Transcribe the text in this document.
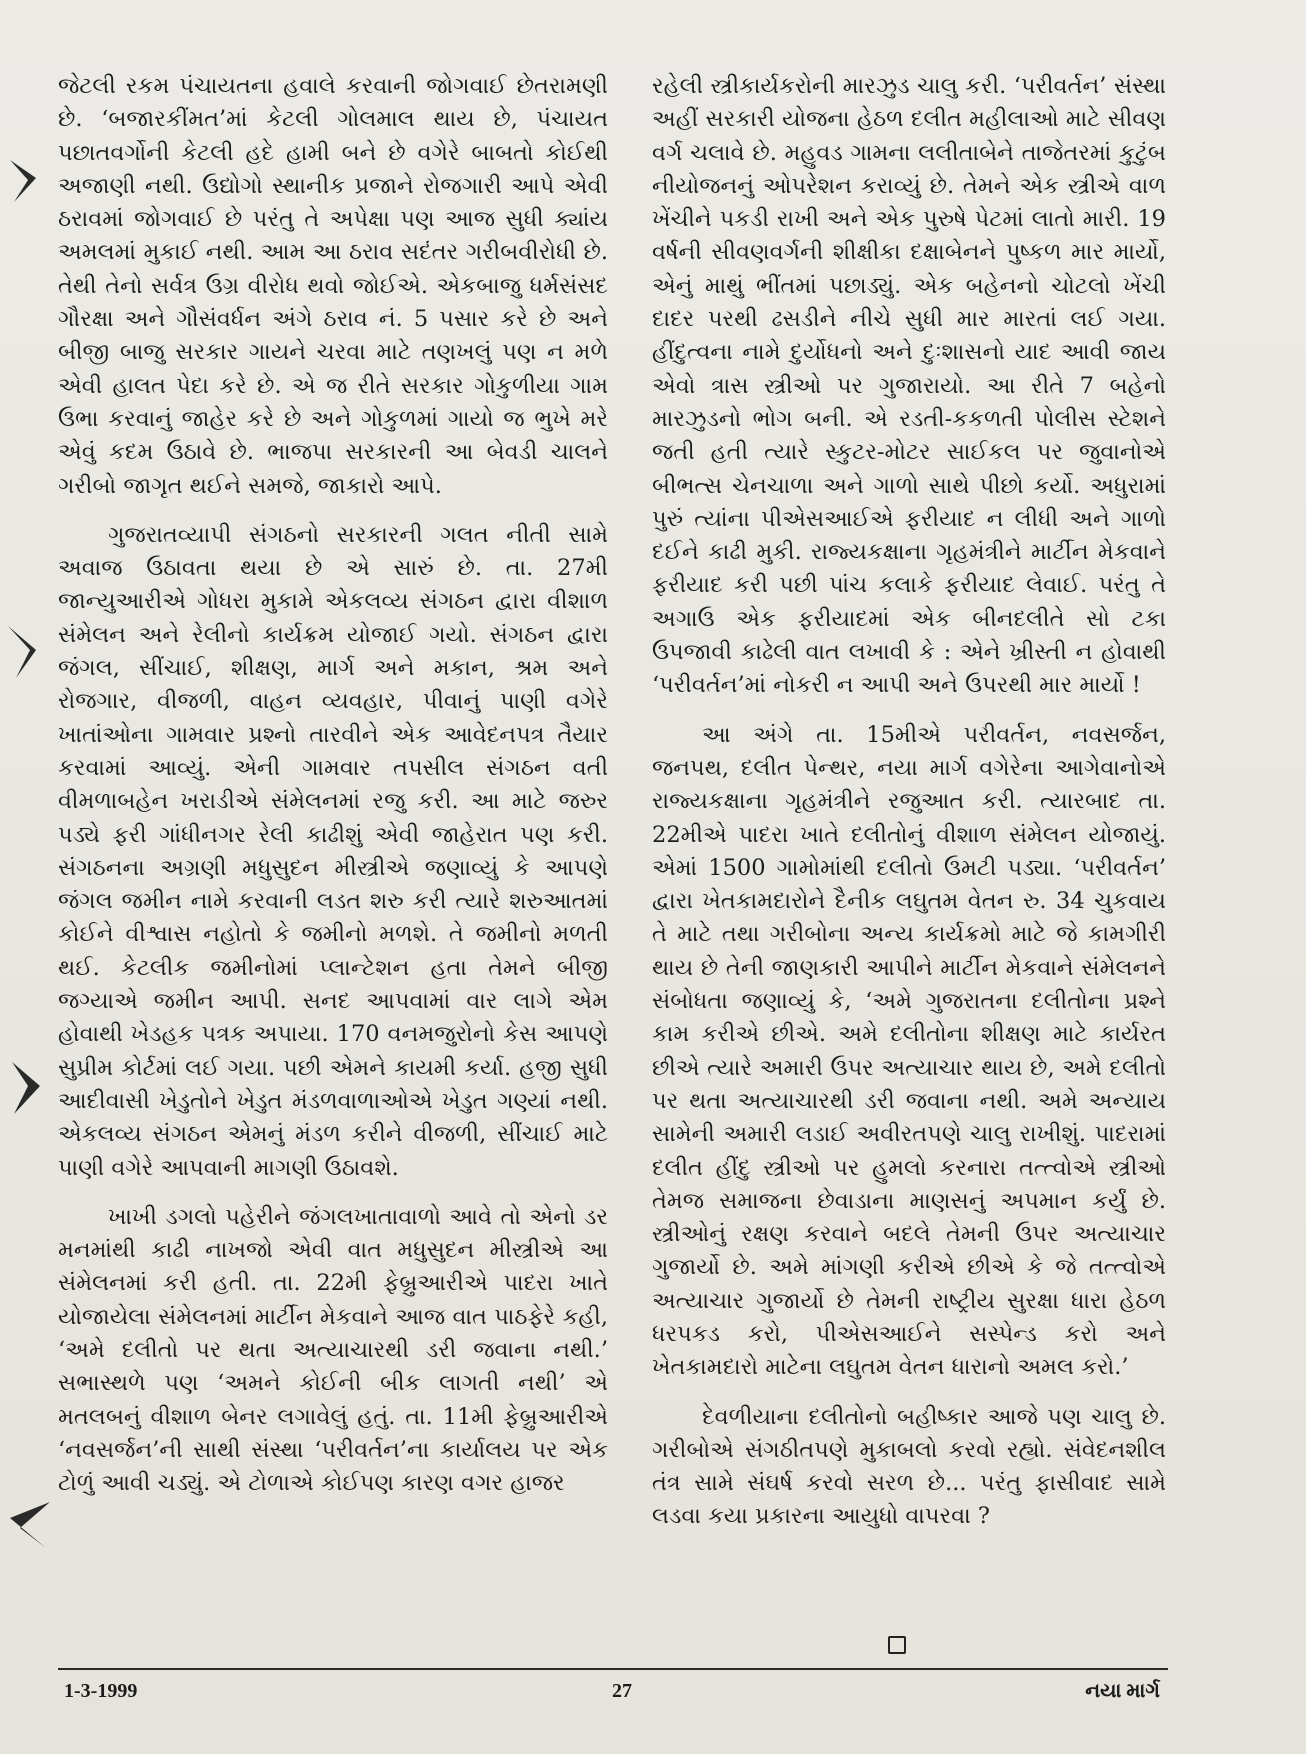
જેટલી રકમ પંચાયતના હવાલે કરવાની જોગવાઈ છેતરામણી છે. ‘બજારકીંમત’માં કેટલી ગોલમાલ થાય છે, પંચાયત પછાતવર્ગોની કેટલી હદે હામી બને છે વગેરે બાબતો કોઈથી અજાણી નથી. ઉદ્યોગો સ્થાનીક પ્રજાને રોજગારી આપે એવી ઠરાવમાં જોગવાઈ છે પરંતુ તે અપેક્ષા પણ આજ સુધી ક્યાંય અમલમાં મુકાઈ નથી. આમ આ ઠરાવ સદંતર ગરીબવીરોધી છે. તેથી તેનો સર્વત્ર ઉગ્ર વીરોધ થવો જોઈએ. એકબાજુ ધર્મસંસદ ગૌરક્ષા અને ગૌસંવર્ધન અંગે ઠરાવ નં. 5 પસાર કરે છે અને બીજી બાજુ સરકાર ગાયને ચરવા માટે તણખલું પણ ન મળે એવી હાલત પેદા કરે છે. એ જ રીતે સરકાર ગોકુળીયા ગામ ઉભા કરવાનું જાહેર કરે છે અને ગોકુળમાં ગાયો જ ભુખે મરે એવું કદમ ઉઠાવે છે. ભાજપા સરકારની આ બેવડી ચાલને ગરીબો જાગૃત થઈને સમજે, જાકારો આપે.

ગુજરાતવ્યાપી સંગઠનો સરકારની ગલત નીતી સામે અવાજ ઉઠાવતા થયા છે એ સારું છે. તા. 27મી જાન્યુઆરીએ ગોધરા મુકામે એકલવ્ય સંગઠન દ્વારા વીશાળ સંમેલન અને રેલીનો કાર્યક્રમ યોજાઈ ગયો. સંગઠન દ્વારા જંગલ, સીંચાઈ, શીક્ષણ, માર્ગ અને મકાન, શ્રમ અને રોજગાર, વીજળી, વાહન વ્યવહાર, પીવાનું પાણી વગેરે ખાતાંઓના ગામવાર પ્રશ્નો તારવીને એક આવેદનપત્ર તૈયાર કરવામાં આવ્યું. એની ગામવાર તપસીલ સંગઠન વતી વીમળાબહેન ખરાડીએ સંમેલનમાં રજુ કરી. આ માટે જરુર પડ્યે ફરી ગાંધીનગર રેલી કાઢીશું એવી જાહેરાત પણ કરી. સંગઠનના અગ્રણી મધુસુદન મીસ્ત્રીએ જણાવ્યું કે આપણે જંગલ જમીન નામે કરવાની લડત શરુ કરી ત્યારે શરુઆતમાં કોઈને વીશ્વાસ નહોતો કે જમીનો મળશે. તે જમીનો મળતી થઈ. કેટલીક જમીનોમાં પ્લાન્ટેશન હતા તેમને બીજી જગ્યાએ જમીન આપી. સનદ આપવામાં વાર લાગે એમ હોવાથી ખેડહક પત્રક અપાયા. 170 વનમજુરોનો કેસ આપણે સુપ્રીમ કોર્ટમાં લઈ ગયા. પછી એમને કાયમી કર્યા. હજી સુધી આદીવાસી ખેડુતોને ખેડુત મંડળવાળાઓએ ખેડુત ગણ્યાં નથી. એકલવ્ય સંગઠન એમનું મંડળ કરીને વીજળી, સીંચાઈ માટે પાણી વગેરે આપવાની માગણી ઉઠાવશે.

ખાખી ડગલો પહેરીને જંગલખાતાવાળો આવે તો એનો ડર મનમાંથી કાઢી નાખજો એવી વાત મધુસુદન મીસ્ત્રીએ આ સંમેલનમાં કરી હતી. તા. 22મી ફેબ્રુઆરીએ પાદરા ખાતે યોજાયેલા સંમેલનમાં માર્ટીન મેકવાને આજ વાત પાઠફેરે કહી, ‘અમે દલીતો પર થતા અત્યાચારથી ડરી જવાના નથી.’ સભાસ્થળે પણ ‘અમને કોઈની બીક લાગતી નથી’ એ મતલબનું વીશાળ બેનર લગાવેલું હતું. તા. 11મી ફેબ્રુઆરીએ ‘નવસર્જન’ની સાથી સંસ્થા ‘પરીવર્તન’ના કાર્યાલય પર એક ટોળું આવી ચડ્યું. એ ટોળાએ કોઈપણ કારણ વગર હાજર

રહેલી સ્ત્રીકાર્યકરોની મારઝુડ ચાલુ કરી. ‘પરીવર્તન’ સંસ્થા અહીં સરકારી યોજના હેઠળ દલીત મહીલાઓ માટે સીવણ વર્ગ ચલાવે છે. મહુવડ ગામના લલીતાબેને તાજેતરમાં કુટુંબ નીયોજનનું ઓપરેશન કરાવ્યું છે. તેમને એક સ્ત્રીએ વાળ ખેંચીને પકડી રાખી અને એક પુરુષે પેટમાં લાતો મારી. 19 વર્ષની સીવણવર્ગની શીક્ષીકા દક્ષાબેનને પુષ્કળ માર માર્યો, એનું માથું ભીંતમાં પછાડ્યું. એક બહેનનો ચોટલો ખેંચી દાદર પરથી ઢસડીને નીચે સુધી માર મારતાં લઈ ગયા. હીંદુત્વના નામે દુર્યોધનો અને દુઃશાસનો યાદ આવી જાય એવો ત્રાસ સ્ત્રીઓ પર ગુજારાયો. આ રીતે 7 બહેનો મારઝુડનો ભોગ બની. એ રડતી-કકળતી પોલીસ સ્ટેશને જતી હતી ત્યારે સ્કુટર-મોટર સાઈકલ પર જુવાનોએ બીભત્સ ચેનચાળા અને ગાળો સાથે પીછો કર્યો. અધુરામાં પુરું ત્યાંના પીએસઆઈએ ફરીયાદ ન લીધી અને ગાળો દઈને કાઢી મુકી. રાજ્યકક્ષાના ગૃહમંત્રીને માર્ટીન મેકવાને ફરીયાદ કરી પછી પાંચ કલાકે ફરીયાદ લેવાઈ. પરંતુ તે અગાઉ એક ફરીયાદમાં એક બીનદલીતે સો ટકા ઉપજાવી કાઢેલી વાત લખાવી કે : એને ખ્રીસ્તી ન હોવાથી ‘પરીવર્તન’માં નોકરી ન આપી અને ઉપરથી માર માર્યો !

આ અંગે તા. 15મીએ પરીવર્તન, નવસર્જન, જનપથ, દલીત પેન્થર, નયા માર્ગ વગેરેના આગેવાનોએ રાજ્યકક્ષાના ગૃહમંત્રીને રજુઆત કરી. ત્યારબાદ તા. 22મીએ પાદરા ખાતે દલીતોનું વીશાળ સંમેલન યોજાયું. એમાં 1500 ગામોમાંથી દલીતો ઉમટી પડ્યા. ‘પરીવર્તન’ દ્વારા ખેતકામદારોને દૈનીક લઘુતમ વેતન રુ. 34 ચુકવાય તે માટે તથા ગરીબોના અન્ય કાર્યક્રમો માટે જે કામગીરી થાય છે તેની જાણકારી આપીને માર્ટીન મેકવાને સંમેલનને સંબોધતા જણાવ્યું કે, ‘અમે ગુજરાતના દલીતોના પ્રશ્ને કામ કરીએ છીએ. અમે દલીતોના શીક્ષણ માટે કાર્યરત છીએ ત્યારે અમારી ઉપર અત્યાચાર થાય છે, અમે દલીતો પર થતા અત્યાચારથી ડરી જવાના નથી. અમે અન્યાય સામેની અમારી લડાઈ અવીરતપણે ચાલુ રાખીશું. પાદરામાં દલીત હીંદુ સ્ત્રીઓ પર હુમલો કરનારા તત્ત્વોએ સ્ત્રીઓ તેમજ સમાજના છેવાડાના માણસનું અપમાન કર્યું છે. સ્ત્રીઓનું રક્ષણ કરવાને બદલે તેમની ઉપર અત્યાચાર ગુજાર્યો છે. અમે માંગણી કરીએ છીએ કે જે તત્ત્વોએ અત્યાચાર ગુજાર્યો છે તેમની રાષ્ટ્રીય સુરક્ષા ધારા હેઠળ ધરપકડ કરો, પીએસઆઈને સસ્પેન્ડ કરો અને ખેતકામદારો માટેના લઘુતમ વેતન ધારાનો અમલ કરો.’

દેવળીયાના દલીતોનો બહીષ્કાર આજે પણ ચાલુ છે. ગરીબોએ સંગઠીતપણે મુકાબલો કરવો રહ્યો. સંવેદનશીલ તંત્ર સામે સંઘર્ષ કરવો સરળ છે... પરંતુ ફાસીવાદ સામે લડવા કયા પ્રકારના આયુધો વાપરવા ?

1-3-1999	27	નયા માર્ગ
